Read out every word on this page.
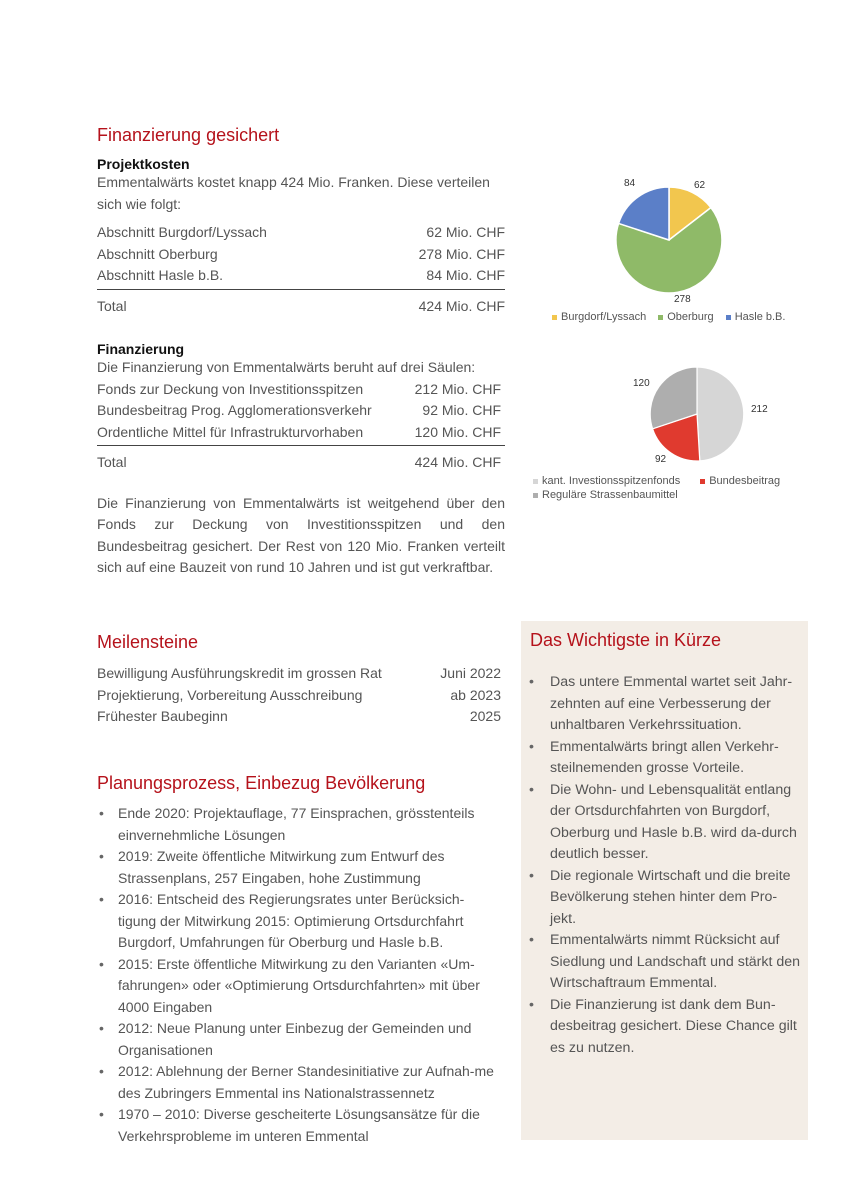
Finanzierung gesichert
Projektkosten

Emmentalwärts kostet knapp 424 Mio. Franken. Diese verteilen sich wie folgt:

Abschnitt Burgdorf/Lyssach	62 Mio. CHF
Abschnitt Oberburg	278 Mio. CHF
Abschnitt Hasle b.B.	84 Mio. CHF
Total	424 Mio. CHF
Finanzierung

Die Finanzierung von Emmentalwärts beruht auf drei Säulen:

Fonds zur Deckung von Investitionsspitzen	212 Mio. CHF
Bundesbeitrag Prog. Agglomerationsverkehr	92 Mio. CHF
Ordentliche Mittel für Infrastrukturvorhaben	120 Mio. CHF
Total	424 Mio. CHF

Die Finanzierung von Emmentalwärts ist weitgehend über den Fonds zur Deckung von Investitionsspitzen und den Bundesbeitrag gesichert. Der Rest von 120 Mio. Franken verteilt sich auf eine Bauzeit von rund 10 Jahren und ist gut verkraftbar.

84	62
278
Burgdorf/Lyssach Oberburg Hasle b.B.
120
212
92
kant. Investionsspitzenfonds	Bundesbeitrag
Reguläre Strassenbaumittel
Meilensteine
Bewilligung Ausführungskredit im grossen Rat	Juni 2022
Projektierung, Vorbereitung Ausschreibung	ab 2023
Frühester Baubeginn	2025
Planungsprozess, Einbezug Bevölkerung
• Ende 2020: Projektauflage, 77 Einsprachen, grösstenteils einvernehmliche Lösungen
• 2019: Zweite öffentliche Mitwirkung zum Entwurf des Strassenplans, 257 Eingaben, hohe Zustimmung
• 2016: Entscheid des Regierungsrates unter Berücksich-tigung der Mitwirkung 2015: Optimierung Ortsdurchfahrt Burgdorf, Umfahrungen für Oberburg und Hasle b.B.
• 2015: Erste öffentliche Mitwirkung zu den Varianten «Um-fahrungen» oder «Optimierung Ortsdurchfahrten» mit über 4000 Eingaben
• 2012: Neue Planung unter Einbezug der Gemeinden und Organisationen
• 2012: Ablehnung der Berner Standesinitiative zur Aufnah-me des Zubringers Emmental ins Nationalstrassennetz
• 1970 – 2010: Diverse gescheiterte Lösungsansätze für die Verkehrsprobleme im unteren Emmental
Das Wichtigste in Kürze
• Das untere Emmental wartet seit Jahr-zehnten auf eine Verbesserung der unhaltbaren Verkehrssituation.
• Emmentalwärts bringt allen Verkehr-steilnemenden grosse Vorteile.
• Die Wohn- und Lebensqualität entlang der Ortsdurchfahrten von Burgdorf, Oberburg und Hasle b.B. wird da-durch deutlich besser.
• Die regionale Wirtschaft und die breite Bevölkerung stehen hinter dem Pro-jekt.
• Emmentalwärts nimmt Rücksicht auf Siedlung und Landschaft und stärkt den Wirtschaftraum Emmental.
• Die Finanzierung ist dank dem Bun-desbeitrag gesichert. Diese Chance gilt es zu nutzen.
